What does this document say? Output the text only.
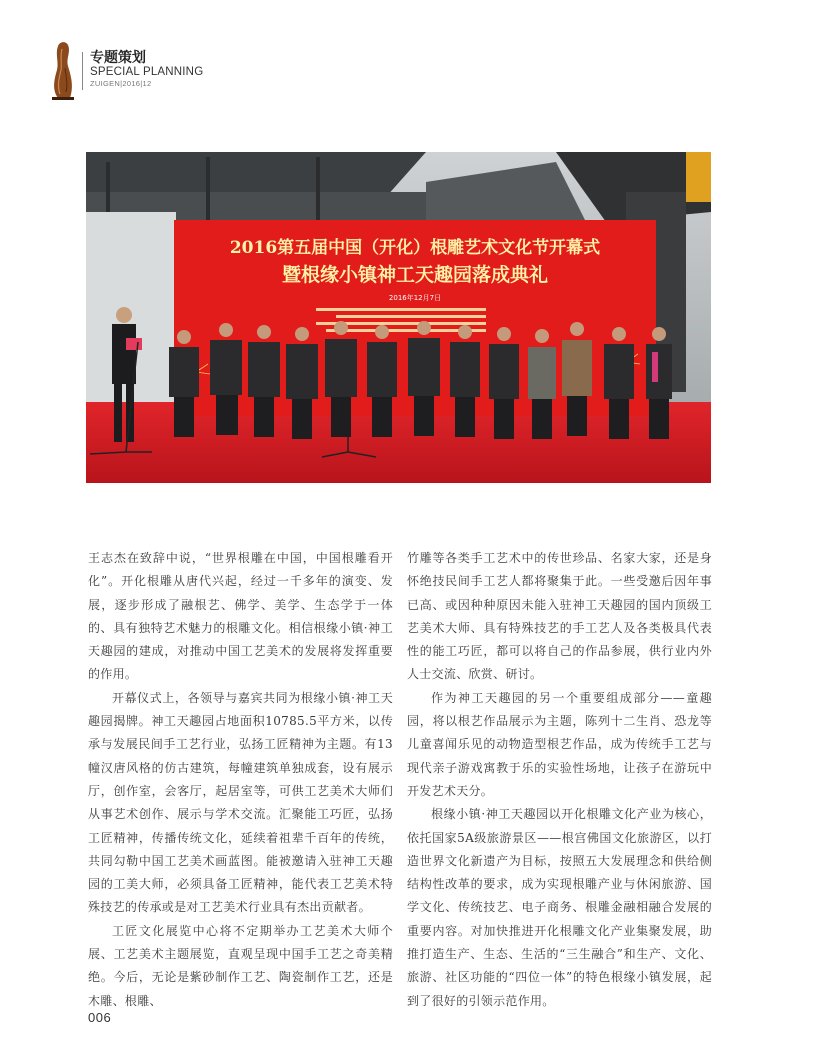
专题策划
SPECIAL PLANNING
ZUIGEN|2016|12
2016第五届中国（开化）根雕艺术文化节开幕式
暨根缘小镇神工天趣园落成典礼
2016年12月7日

王志杰在致辞中说，“世界根雕在中国，中国根雕看开化”。开化根雕从唐代兴起，经过一千多年的演变、发展，逐步形成了融根艺、佛学、美学、生态学于一体的、具有独特艺术魅力的根雕文化。相信根缘小镇·神工天趣园的建成，对推动中国工艺美术的发展将发挥重要的作用。

开幕仪式上，各领导与嘉宾共同为根缘小镇·神工天趣园揭牌。神工天趣园占地面积10785.5平方米，以传承与发展民间手工艺行业，弘扬工匠精神为主题。有13幢汉唐风格的仿古建筑，每幢建筑单独成套，设有展示厅，创作室，会客厅，起居室等，可供工艺美术大师们从事艺术创作、展示与学术交流。汇聚能工巧匠，弘扬工匠精神，传播传统文化，延续着祖辈千百年的传统，共同勾勒中国工艺美术画蓝图。能被邀请入驻神工天趣园的工美大师，必须具备工匠精神，能代表工艺美术特殊技艺的传承或是对工艺美术行业具有杰出贡献者。

工匠文化展览中心将不定期举办工艺美术大师个展、工艺美术主题展览，直观呈现中国手工艺之奇美精绝。今后，无论是紫砂制作工艺、陶瓷制作工艺，还是木雕、根雕、

竹雕等各类手工艺术中的传世珍品、名家大家，还是身怀绝技民间手工艺人都将聚集于此。一些受邀后因年事已高、或因种种原因未能入驻神工天趣园的国内顶级工艺美术大师、具有特殊技艺的手工艺人及各类极具代表性的能工巧匠，都可以将自己的作品参展，供行业内外人士交流、欣赏、研讨。

作为神工天趣园的另一个重要组成部分——童趣园，将以根艺作品展示为主题，陈列十二生肖、恐龙等儿童喜闻乐见的动物造型根艺作品，成为传统手工艺与现代亲子游戏寓教于乐的实验性场地，让孩子在游玩中开发艺术天分。

根缘小镇·神工天趣园以开化根雕文化产业为核心，依托国家5A级旅游景区——根宫佛国文化旅游区，以打造世界文化新遗产为目标，按照五大发展理念和供给侧结构性改革的要求，成为实现根雕产业与休闲旅游、国学文化、传统技艺、电子商务、根雕金融相融合发展的重要内容。对加快推进开化根雕文化产业集聚发展，助推打造生产、生态、生活的“三生融合”和生产、文化、旅游、社区功能的“四位一体”的特色根缘小镇发展，起到了很好的引领示范作用。

006
